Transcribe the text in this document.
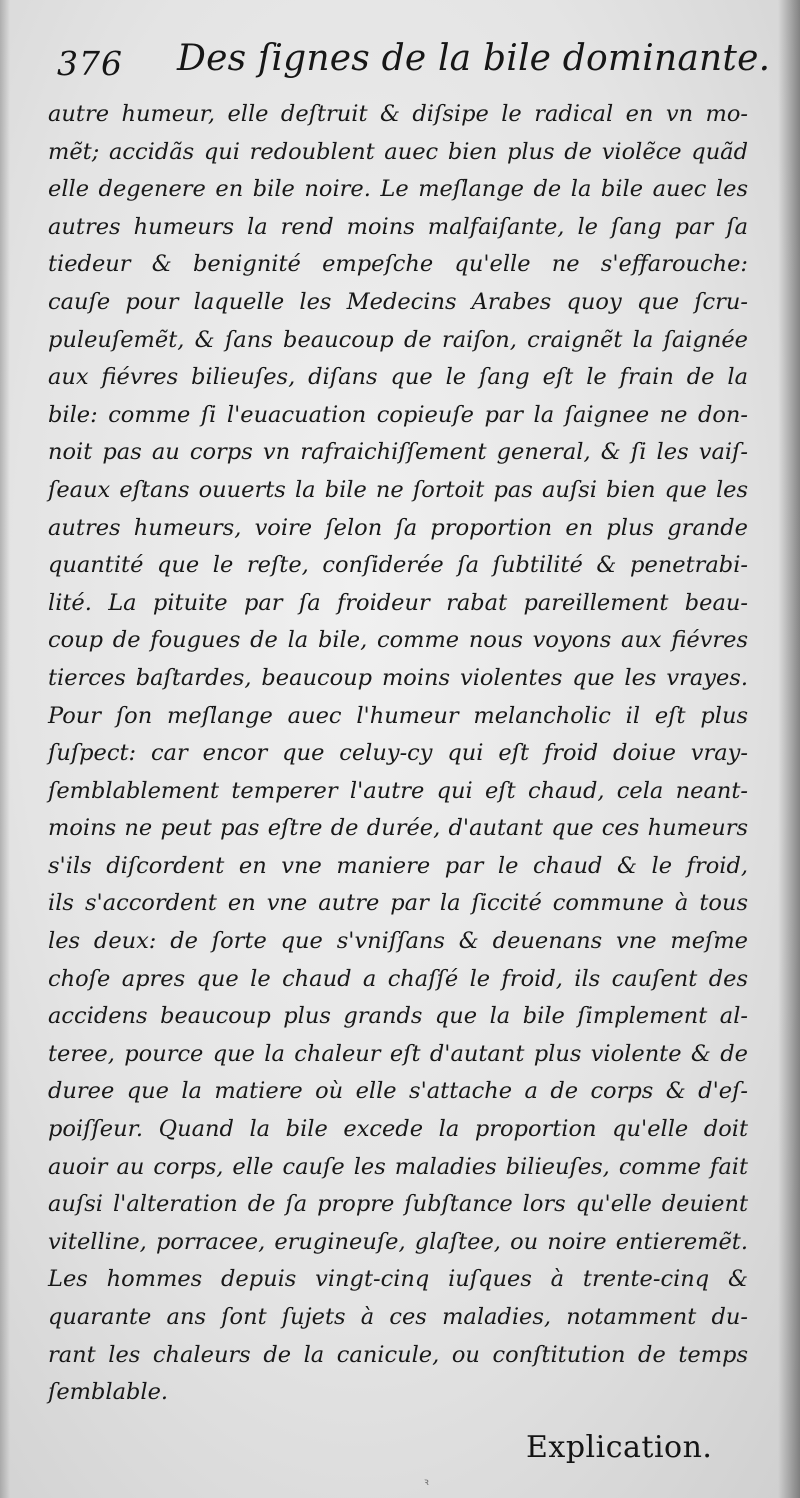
376 Des ſignes de la bile dominante.
autre humeur, elle deſtruit & diſsipe le radical en vn mo-
mẽt; accidãs qui redoublent auec bien plus de violẽce quãd
elle degenere en bile noire. Le meſlange de la bile auec les
autres humeurs la rend moins malfaiſante, le ſang par ſa
tiedeur & benignité empeſche qu'elle ne s'effarouche:
cauſe pour laquelle les Medecins Arabes quoy que ſcru-
puleuſemẽt, & ſans beaucoup de raiſon, craignẽt la ſaignée
aux fiévres bilieuſes, diſans que le ſang eſt le frain de la
bile: comme ſi l'euacuation copieuſe par la ſaignee ne don-
noit pas au corps vn rafraichiſſement general, & ſi les vaiſ-
ſeaux eſtans ouuerts la bile ne ſortoit pas auſsi bien que les
autres humeurs, voire ſelon ſa proportion en plus grande
quantité que le reſte, conſiderée ſa ſubtilité & penetrabi-
lité. La pituite par ſa froideur rabat pareillement beau-
coup de fougues de la bile, comme nous voyons aux fiévres
tierces baſtardes, beaucoup moins violentes que les vrayes.
Pour ſon meſlange auec l'humeur melancholic il eſt plus
ſuſpect: car encor que celuy-cy qui eſt froid doiue vray-
ſemblablement temperer l'autre qui eſt chaud, cela neant-
moins ne peut pas eſtre de durée, d'autant que ces humeurs
s'ils diſcordent en vne maniere par le chaud & le froid,
ils s'accordent en vne autre par la ſiccité commune à tous
les deux: de ſorte que s'vniſſans & deuenans vne meſme
choſe apres que le chaud a chaſſé le froid, ils cauſent des
accidens beaucoup plus grands que la bile ſimplement al-
teree, pource que la chaleur eſt d'autant plus violente & de
duree que la matiere où elle s'attache a de corps & d'eſ-
poiſſeur. Quand la bile excede la proportion qu'elle doit
auoir au corps, elle cauſe les maladies bilieuſes, comme fait
auſsi l'alteration de ſa propre ſubſtance lors qu'elle deuient
vitelline, porracee, erugineuſe, glaſtee, ou noire entieremẽt.
Les hommes depuis vingt-cinq iuſques à trente-cinq &
quarante ans ſont ſujets à ces maladies, notamment du-
rant les chaleurs de la canicule, ou conſtitution de temps
ſemblable.
Explication.
ꝛ
